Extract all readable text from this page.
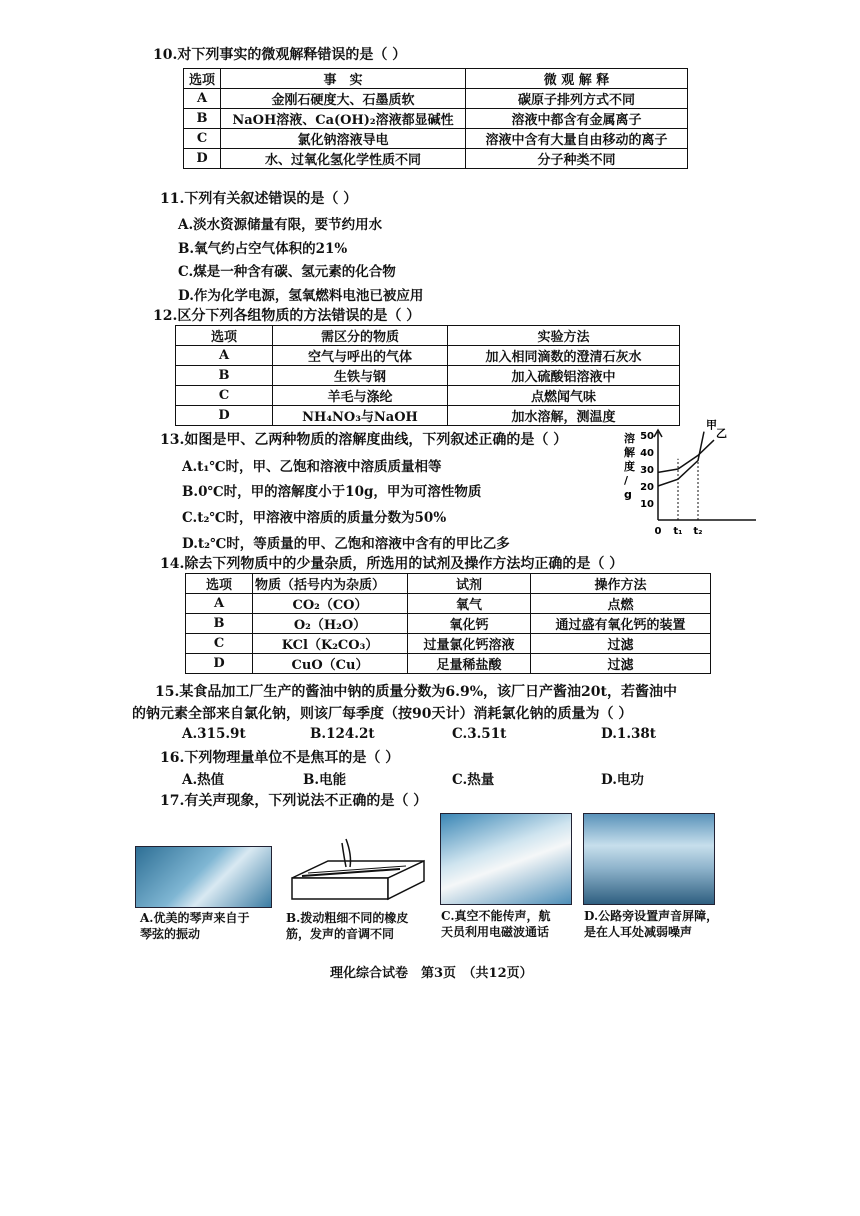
10.对下列事实的微观解释错误的是（ ）
选项	事　实	微 观 解 释
A	金刚石硬度大、石墨质软	碳原子排列方式不同
B	NaOH溶液、Ca(OH)₂溶液都显碱性	溶液中都含有金属离子
C	氯化钠溶液导电	溶液中含有大量自由移动的离子
D	水、过氧化氢化学性质不同	分子种类不同
11.下列有关叙述错误的是（ ）
A.淡水资源储量有限，要节约用水
B.氧气约占空气体积的21%
C.煤是一种含有碳、氢元素的化合物
D.作为化学电源，氢氧燃料电池已被应用
12.区分下列各组物质的方法错误的是（ ）
选项	需区分的物质	实验方法
A	空气与呼出的气体	加入相同滴数的澄清石灰水
B	生铁与钢	加入硫酸铝溶液中
C	羊毛与涤纶	点燃闻气味
D	NH₄NO₃与NaOH	加水溶解，测温度
13.如图是甲、乙两种物质的溶解度曲线，下列叙述正确的是（ ）
A.t₁℃时，甲、乙饱和溶液中溶质质量相等
B.0℃时，甲的溶解度小于10g，甲为可溶性物质
C.t₂℃时，甲溶液中溶质的质量分数为50%
D.t₂℃时，等质量的甲、乙饱和溶液中含有的甲比乙多
溶
解
度
/
g
50
40
30
20
10
0 t₁ t₂
甲
乙
14.除去下列物质中的少量杂质，所选用的试剂及操作方法均正确的是（ ）
选项	物质（括号内为杂质）	试剂	操作方法
A	CO₂（CO）	氧气	点燃
B	O₂（H₂O）	氧化钙	通过盛有氧化钙的装置
C	KCl（K₂CO₃）	过量氯化钙溶液	过滤
D	CuO（Cu）	足量稀盐酸	过滤
15.某食品加工厂生产的酱油中钠的质量分数为6.9%，该厂日产酱油20t，若酱油中
的钠元素全部来自氯化钠，则该厂每季度（按90天计）消耗氯化钠的质量为（ ）
A.315.9t	B.124.2t	C.3.51t	D.1.38t
16.下列物理量单位不是焦耳的是（ ）
A.热值	B.电能	C.热量	D.电功
17.有关声现象，下列说法不正确的是（ ）
A.优美的琴声来自于
琴弦的振动
B.拨动粗细不同的橡皮
筋，发声的音调不同
C.真空不能传声，航
天员利用电磁波通话
D.公路旁设置声音屏障，
是在人耳处减弱噪声
理化综合试卷　第3页　（共12页）
